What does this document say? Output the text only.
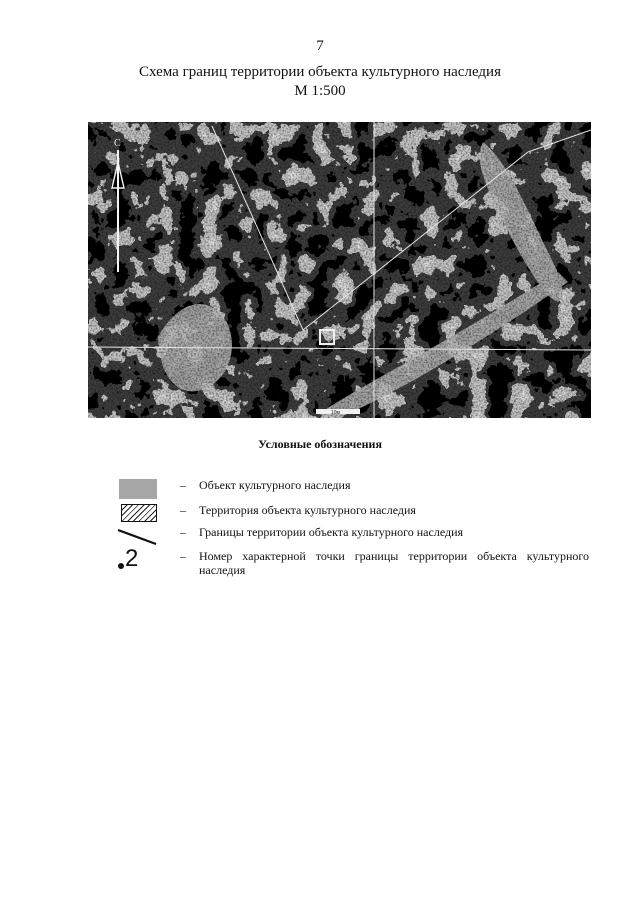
7
Схема границ территории объекта культурного наследия
М 1:500
С
10м
Условные обозначения
– Объект культурного наследия
– Территория объекта культурного наследия
– Границы территории объекта культурного наследия
2	– Номер характерной точки границы территории объекта культурного наследия
